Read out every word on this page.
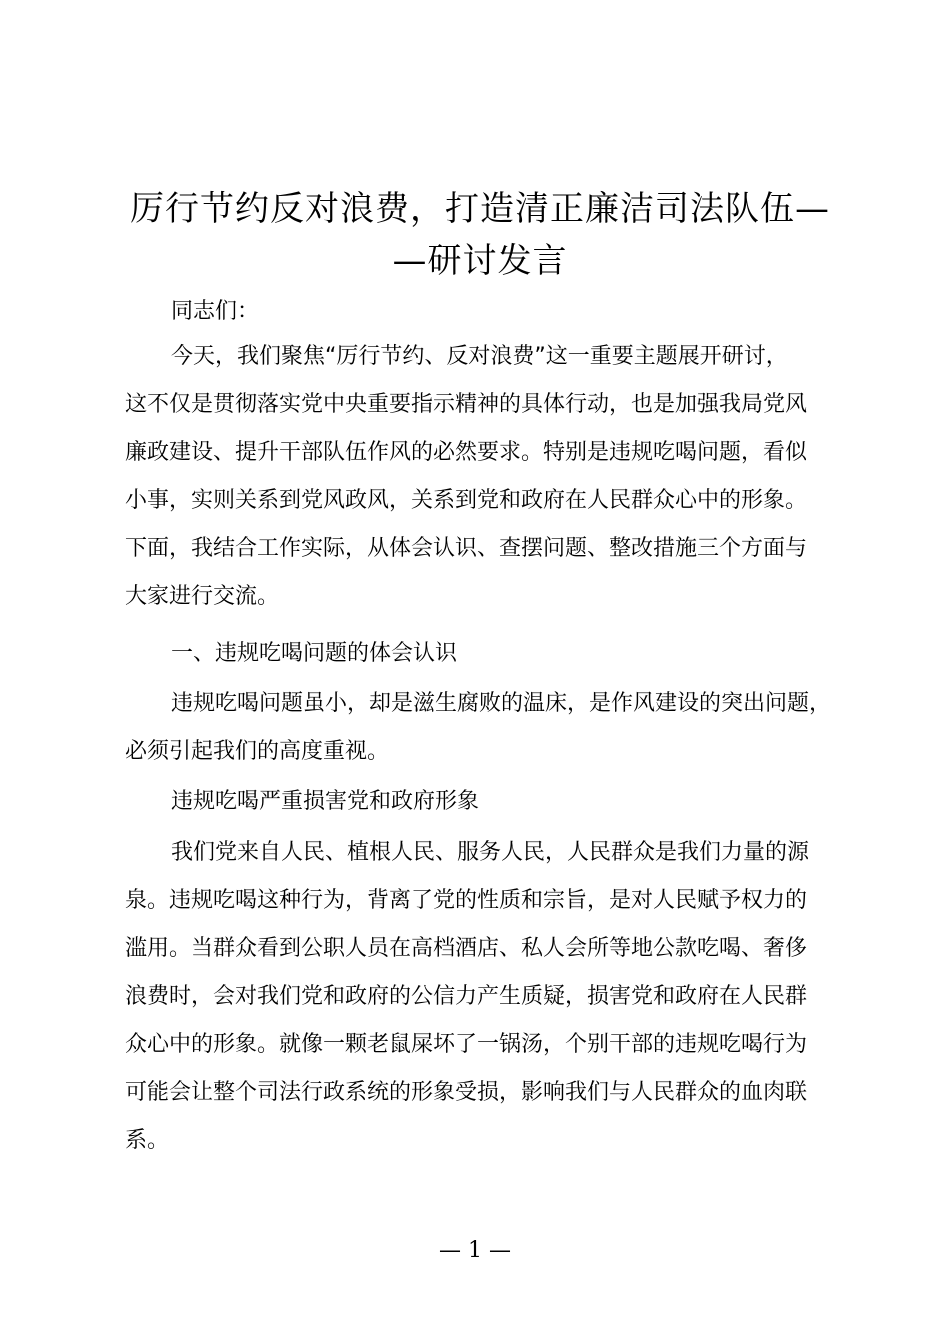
厉行节约反对浪费，打造清正廉洁司法队伍—
—研讨发言

同志们：

今天，我们聚焦“厉行节约、反对浪费”这一重要主题展开研讨，
这不仅是贯彻落实党中央重要指示精神的具体行动，也是加强我局党风
廉政建设、提升干部队伍作风的必然要求。特别是违规吃喝问题，看似
小事，实则关系到党风政风，关系到党和政府在人民群众心中的形象。
下面，我结合工作实际，从体会认识、查摆问题、整改措施三个方面与
大家进行交流。

一、违规吃喝问题的体会认识

违规吃喝问题虽小，却是滋生腐败的温床，是作风建设的突出问题，
必须引起我们的高度重视。

违规吃喝严重损害党和政府形象

我们党来自人民、植根人民、服务人民，人民群众是我们力量的源
泉。违规吃喝这种行为，背离了党的性质和宗旨，是对人民赋予权力的
滥用。当群众看到公职人员在高档酒店、私人会所等地公款吃喝、奢侈
浪费时，会对我们党和政府的公信力产生质疑，损害党和政府在人民群
众心中的形象。就像一颗老鼠屎坏了一锅汤，个别干部的违规吃喝行为
可能会让整个司法行政系统的形象受损，影响我们与人民群众的血肉联
系。
— 1 —
